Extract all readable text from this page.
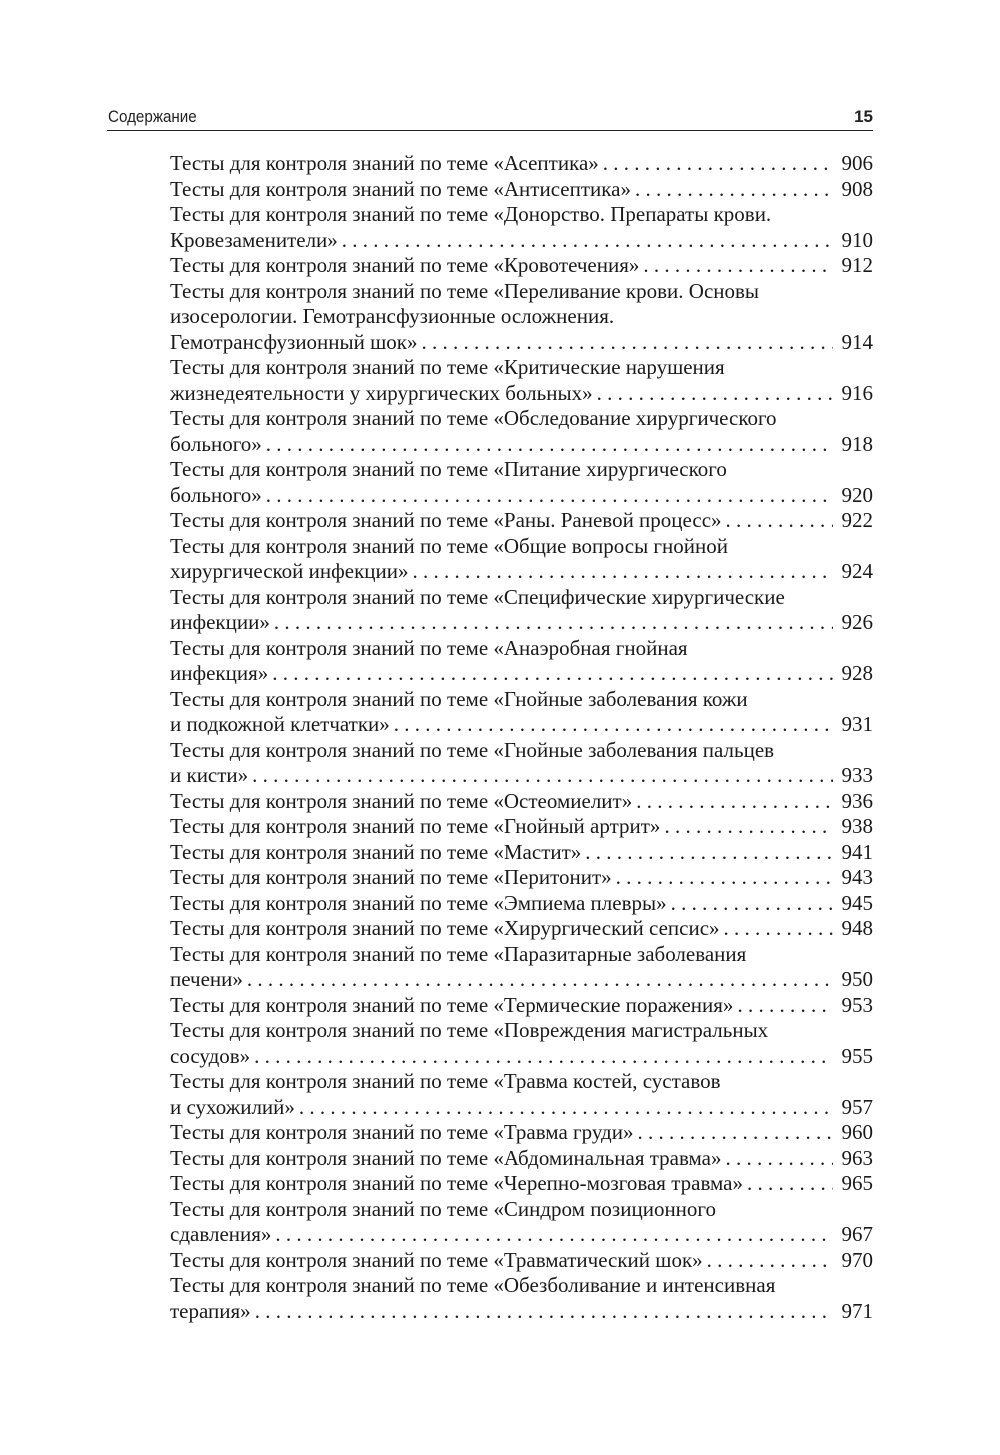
Содержание	15
Тесты для контроля знаний по теме «Асептика» . . .	906
Тесты для контроля знаний по теме «Антисептика» . . .	908
Тесты для контроля знаний по теме «Донорство. Препараты крови.
Кровезаменители» . . .	910
Тесты для контроля знаний по теме «Кровотечения» . . .	912
Тесты для контроля знаний по теме «Переливание крови. Основы
изосерологии. Гемотрансфузионные осложнения.
Гемотрансфузионный шок» . . .	914
Тесты для контроля знаний по теме «Критические нарушения
жизнедеятельности у хирургических больных» . . .	916
Тесты для контроля знаний по теме «Обследование хирургического
больного» . . .	918
Тесты для контроля знаний по теме «Питание хирургического
больного» . . .	920
Тесты для контроля знаний по теме «Раны. Раневой процесс» . . .	922
Тесты для контроля знаний по теме «Общие вопросы гнойной
хирургической инфекции» . . .	924
Тесты для контроля знаний по теме «Специфические хирургические
инфекции» . . .	926
Тесты для контроля знаний по теме «Анаэробная гнойная
инфекция» . . .	928
Тесты для контроля знаний по теме «Гнойные заболевания кожи
и подкожной клетчатки» . . .	931
Тесты для контроля знаний по теме «Гнойные заболевания пальцев
и кисти» . . .	933
Тесты для контроля знаний по теме «Остеомиелит» . . .	936
Тесты для контроля знаний по теме «Гнойный артрит» . . .	938
Тесты для контроля знаний по теме «Мастит» . . .	941
Тесты для контроля знаний по теме «Перитонит» . . .	943
Тесты для контроля знаний по теме «Эмпиема плевры» . . .	945
Тесты для контроля знаний по теме «Хирургический сепсис» . . .	948
Тесты для контроля знаний по теме «Паразитарные заболевания
печени» . . .	950
Тесты для контроля знаний по теме «Термические поражения» . . .	953
Тесты для контроля знаний по теме «Повреждения магистральных
сосудов» . . .	955
Тесты для контроля знаний по теме «Травма костей, суставов
и сухожилий» . . .	957
Тесты для контроля знаний по теме «Травма груди» . . .	960
Тесты для контроля знаний по теме «Абдоминальная травма» . . .	963
Тесты для контроля знаний по теме «Черепно-мозговая травма» . . .	965
Тесты для контроля знаний по теме «Синдром позиционного
сдавления» . . .	967
Тесты для контроля знаний по теме «Травматический шок» . . .	970
Тесты для контроля знаний по теме «Обезболивание и интенсивная
терапия» . . .	971
